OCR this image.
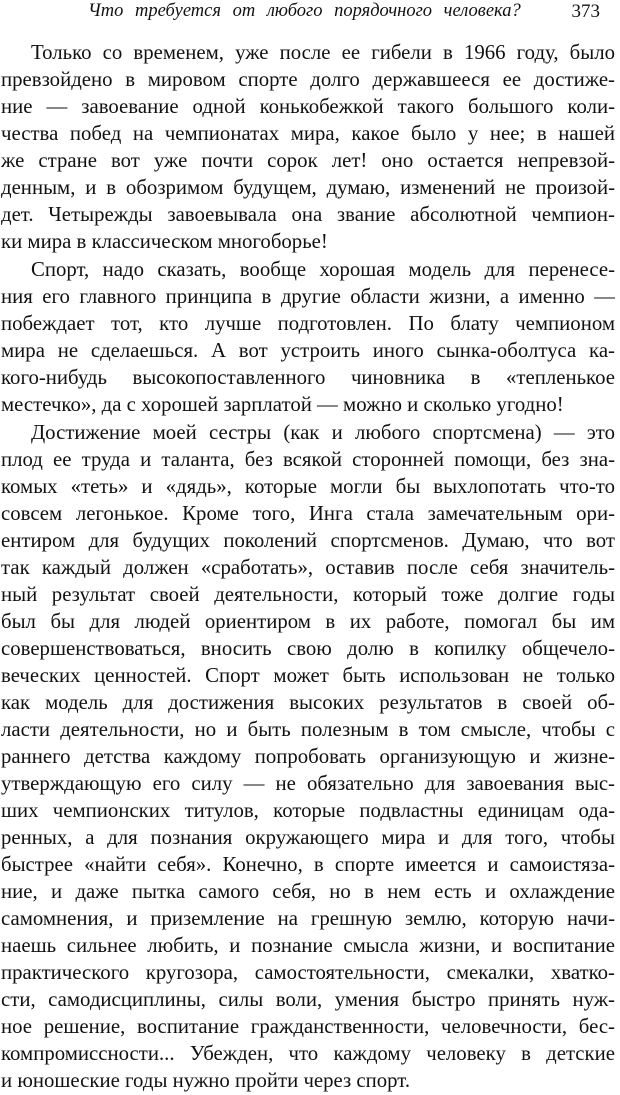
Что требуется от любого порядочного человека?	373
Только со временем, уже после ее гибели в 1966 году, было
превзойдено в мировом спорте долго державшееся ее достиже-
ние — завоевание одной конькобежкой такого большого коли-
чества побед на чемпионатах мира, какое было у нее; в нашей
же стране вот уже почти сорок лет! оно остается непревзой-
денным, и в обозримом будущем, думаю, изменений не произой-
дет. Четырежды завоевывала она звание абсолютной чемпион-
ки мира в классическом многоборье!
Спорт, надо сказать, вообще хорошая модель для перенесе-
ния его главного принципа в другие области жизни, а именно —
побеждает тот, кто лучше подготовлен. По блату чемпионом
мира не сделаешься. А вот устроить иного сынка-оболтуса ка-
кого-нибудь высокопоставленного чиновника в «тепленькое
местечко», да с хорошей зарплатой — можно и сколько угодно!
Достижение моей сестры (как и любого спортсмена) — это
плод ее труда и таланта, без всякой сторонней помощи, без зна-
комых «теть» и «дядь», которые могли бы выхлопотать что-то
совсем легонькое. Кроме того, Инга стала замечательным ори-
ентиром для будущих поколений спортсменов. Думаю, что вот
так каждый должен «сработать», оставив после себя значитель-
ный результат своей деятельности, который тоже долгие годы
был бы для людей ориентиром в их работе, помогал бы им
совершенствоваться, вносить свою долю в копилку общечело-
веческих ценностей. Спорт может быть использован не только
как модель для достижения высоких результатов в своей об-
ласти деятельности, но и быть полезным в том смысле, чтобы с
раннего детства каждому попробовать организующую и жизне-
утверждающую его силу — не обязательно для завоевания выс-
ших чемпионских титулов, которые подвластны единицам ода-
ренных, а для познания окружающего мира и для того, чтобы
быстрее «найти себя». Конечно, в спорте имеется и самоистяза-
ние, и даже пытка самого себя, но в нем есть и охлаждение
самомнения, и приземление на грешную землю, которую начи-
наешь сильнее любить, и познание смысла жизни, и воспитание
практического кругозора, самостоятельности, смекалки, хватко-
сти, самодисциплины, силы воли, умения быстро принять нуж-
ное решение, воспитание гражданственности, человечности, бес-
компромиссности... Убежден, что каждому человеку в детские
и юношеские годы нужно пройти через спорт.
